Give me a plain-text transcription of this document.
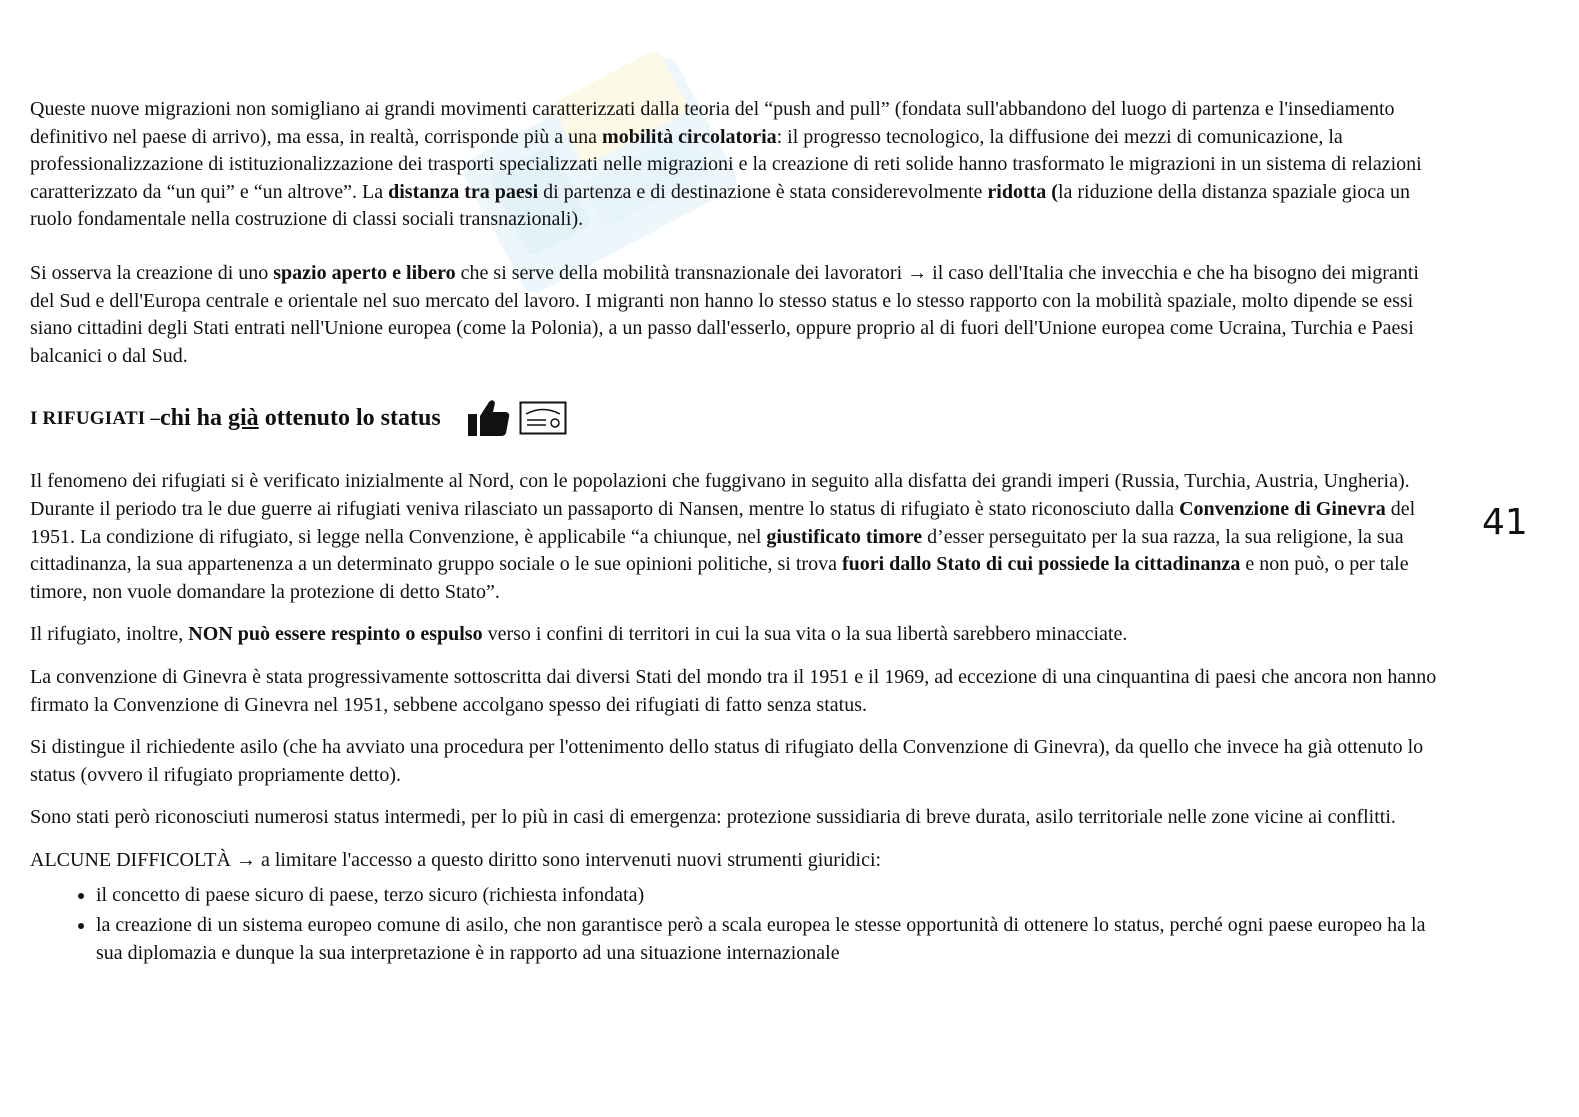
Queste nuove migrazioni non somigliano ai grandi movimenti caratterizzati dalla teoria del “push and pull” (fondata sull'abbandono del luogo di partenza e l'insediamento definitivo nel paese di arrivo), ma essa, in realtà, corrisponde più a una mobilità circolatoria: il progresso tecnologico, la diffusione dei mezzi di comunicazione, la professionalizzazione di istituzionalizzazione dei trasporti specializzati nelle migrazioni e la creazione di reti solide hanno trasformato le migrazioni in un sistema di relazioni caratterizzato da “un qui” e “un altrove”. La distanza tra paesi di partenza e di destinazione è stata considerevolmente ridotta (la riduzione della distanza spaziale gioca un ruolo fondamentale nella costruzione di classi sociali transnazionali).

Si osserva la creazione di uno spazio aperto e libero che si serve della mobilità transnazionale dei lavoratori → il caso dell'Italia che invecchia e che ha bisogno dei migranti del Sud e dell'Europa centrale e orientale nel suo mercato del lavoro. I migranti non hanno lo stesso status e lo stesso rapporto con la mobilità spaziale, molto dipende se essi siano cittadini degli Stati entrati nell'Unione europea (come la Polonia), a un passo dall'esserlo, oppure proprio al di fuori dell'Unione europea come Ucraina, Turchia e Paesi balcanici o dal Sud.

I RIFUGIATI – chi ha già ottenuto lo status

Il fenomeno dei rifugiati si è verificato inizialmente al Nord, con le popolazioni che fuggivano in seguito alla disfatta dei grandi imperi (Russia, Turchia, Austria, Ungheria). Durante il periodo tra le due guerre ai rifugiati veniva rilasciato un passaporto di Nansen, mentre lo status di rifugiato è stato riconosciuto dalla Convenzione di Ginevra del 1951. La condizione di rifugiato, si legge nella Convenzione, è applicabile “a chiunque, nel giustificato timore d’esser perseguitato per la sua razza, la sua religione, la sua cittadinanza, la sua appartenenza a un determinato gruppo sociale o le sue opinioni politiche, si trova fuori dallo Stato di cui possiede la cittadinanza e non può, o per tale timore, non vuole domandare la protezione di detto Stato”.

Il rifugiato, inoltre, NON può essere respinto o espulso verso i confini di territori in cui la sua vita o la sua libertà sarebbero minacciate.

La convenzione di Ginevra è stata progressivamente sottoscritta dai diversi Stati del mondo tra il 1951 e il 1969, ad eccezione di una cinquantina di paesi che ancora non hanno firmato la Convenzione di Ginevra nel 1951, sebbene accolgano spesso dei rifugiati di fatto senza status.

Si distingue il richiedente asilo (che ha avviato una procedura per l'ottenimento dello status di rifugiato della Convenzione di Ginevra), da quello che invece ha già ottenuto lo status (ovvero il rifugiato propriamente detto).

Sono stati però riconosciuti numerosi status intermedi, per lo più in casi di emergenza: protezione sussidiaria di breve durata, asilo territoriale nelle zone vicine ai conflitti.

ALCUNE DIFFICOLTÀ → a limitare l'accesso a questo diritto sono intervenuti nuovi strumenti giuridici:

• il concetto di paese sicuro di paese, terzo sicuro (richiesta infondata)
• la creazione di un sistema europeo comune di asilo, che non garantisce però a scala europea le stesse opportunità di ottenere lo status, perché ogni paese europeo ha la sua diplomazia e dunque la sua interpretazione è in rapporto ad una situazione internazionale
41
